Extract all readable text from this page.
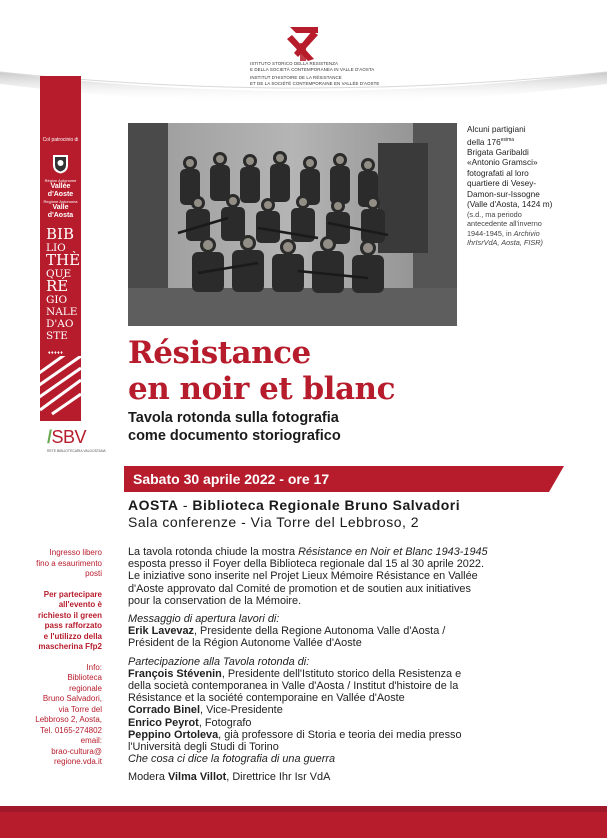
ISTITUTO STORICO DELLA RESISTENZA
E DELLA SOCIETÀ CONTEMPORANEA IN VALLE D'AOSTA
INSTITUT D'HISTOIRE DE LA RÉSISTANCE
ET DE LA SOCIÉTÉ CONTEMPORAINE EN VALLÉE D'AOSTE
Col patrocinio di
Région Autonome
Vallée d'Aoste
Regione Autonoma
Valle d'Aosta
BIB
LIO
THÈ
QUE
RÉ
GIO
NALE
D'AO
STE
♦♦♦♦♦
/SBV
RETE BIBLIOTECARIA VALDOSTANA
Alcuni partigiani
della $176^{esima}$
Brigata Garibaldi
«Antonio Gramsci»
fotografati al loro
quartiere di Vesey-
Damon-sur-Issogne
(Valle d'Aosta, 1424 m)
(s.d., ma periodo
antecedente all'inverno
1944-1945, in Archivio
IhrIsrVdA, Aosta, FISR)
Résistance
en noir et blanc
Tavola rotonda sulla fotografia
come documento storiografico
Sabato 30 aprile 2022 - ore 17
AOSTA - Biblioteca Regionale Bruno Salvadori
Sala conferenze - Via Torre del Lebbroso, 2

Ingresso libero
fino a esaurimento
posti

Per partecipare
all'evento è
richiesto il green
pass rafforzato
e l'utilizzo della
mascherina Ffp2

Info:
Biblioteca
regionale
Bruno Salvadori,
via Torre del
Lebbroso 2, Aosta,
Tel. 0165-274802
email:
brao-cultura@
regione.vda.it

La tavola rotonda chiude la mostra Résistance en Noir et Blanc 1943-1945
esposta presso il Foyer della Biblioteca regionale dal 15 al 30 aprile 2022.
Le iniziative sono inserite nel Projet Lieux Mémoire Résistance en Vallée
d'Aoste approvato dal Comité de promotion et de soutien aux initiatives
pour la conservation de la Mémoire.

Messaggio di apertura lavori di:
Erik Lavevaz, Presidente della Regione Autonoma Valle d'Aosta /
Président de la Région Autonome Vallée d'Aoste

Partecipazione alla Tavola rotonda di:
François Stévenin, Presidente dell'Istituto storico della Resistenza e
della società contemporanea in Valle d'Aosta / Institut d'histoire de la
Résistance et la société contemporaine en Vallée d'Aoste
Corrado Binel, Vice-Presidente
Enrico Peyrot, Fotografo
Peppino Ortoleva, già professore di Storia e teoria dei media presso
l'Università degli Studi di Torino
Che cosa ci dice la fotografia di una guerra

Modera Vilma Villot, Direttrice Ihr Isr VdA
